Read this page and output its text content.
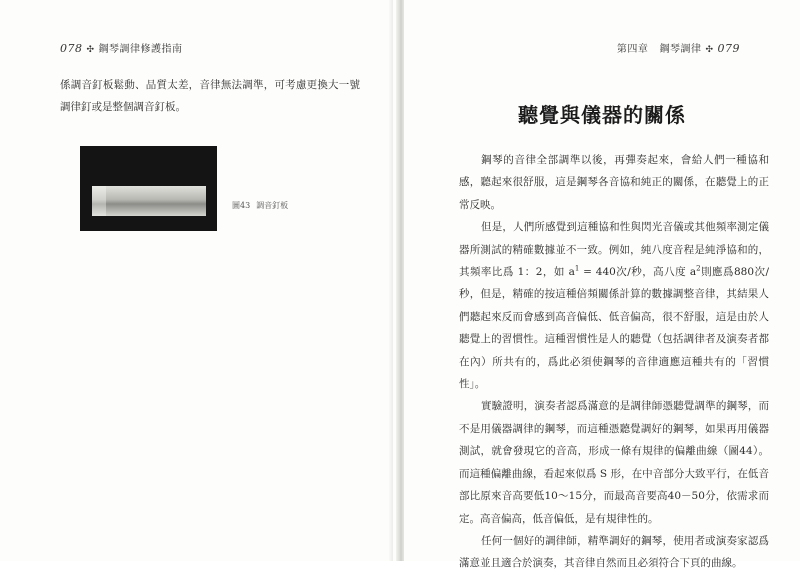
078 ✣ 鋼琴調律修護指南

係調音釘板鬆動、品質太差，音律無法調準，可考慮更換大一號調律釘或是整個調音釘板。

圖43 調音釘板
第四章 鋼琴調律 ✣ 079
聽覺與儀器的關係

鋼琴的音律全部調準以後，再彈奏起來，會給人們一種協和感，聽起來很舒服，這是鋼琴各音協和純正的關係，在聽覺上的正常反映。

但是，人們所感覺到這種協和性與閃光音儀或其他頻率測定儀器所測試的精確數據並不一致。例如，純八度音程是純淨協和的，其頻率比爲 1：2，如 $a^1 = 440$次/秒，高八度 $a^2$則應爲880次/秒，但是，精確的按這種倍頻關係計算的數據調整音律，其結果人們聽起來反而會感到高音偏低、低音偏高，很不舒服，這是由於人聽覺上的習慣性。這種習慣性是人的聽覺（包括調律者及演奏者都在內）所共有的，爲此必須使鋼琴的音律適應這種共有的「習慣性」。

實驗證明，演奏者認爲滿意的是調律師憑聽覺調準的鋼琴，而不是用儀器調律的鋼琴，而這種憑聽覺調好的鋼琴，如果再用儀器測試，就會發現它的音高，形成一條有規律的偏離曲線（圖44）。而這種偏離曲線，看起來似爲 S 形，在中音部分大致平行，在低音部比原來音高要低10～15分，而最高音要高40－50分，依需求而定。高音偏高，低音偏低，是有規律性的。

任何一個好的調律師，精準調好的鋼琴，使用者或演奏家認爲滿意並且適合於演奏，其音律自然而且必須符合下頁的曲線。
